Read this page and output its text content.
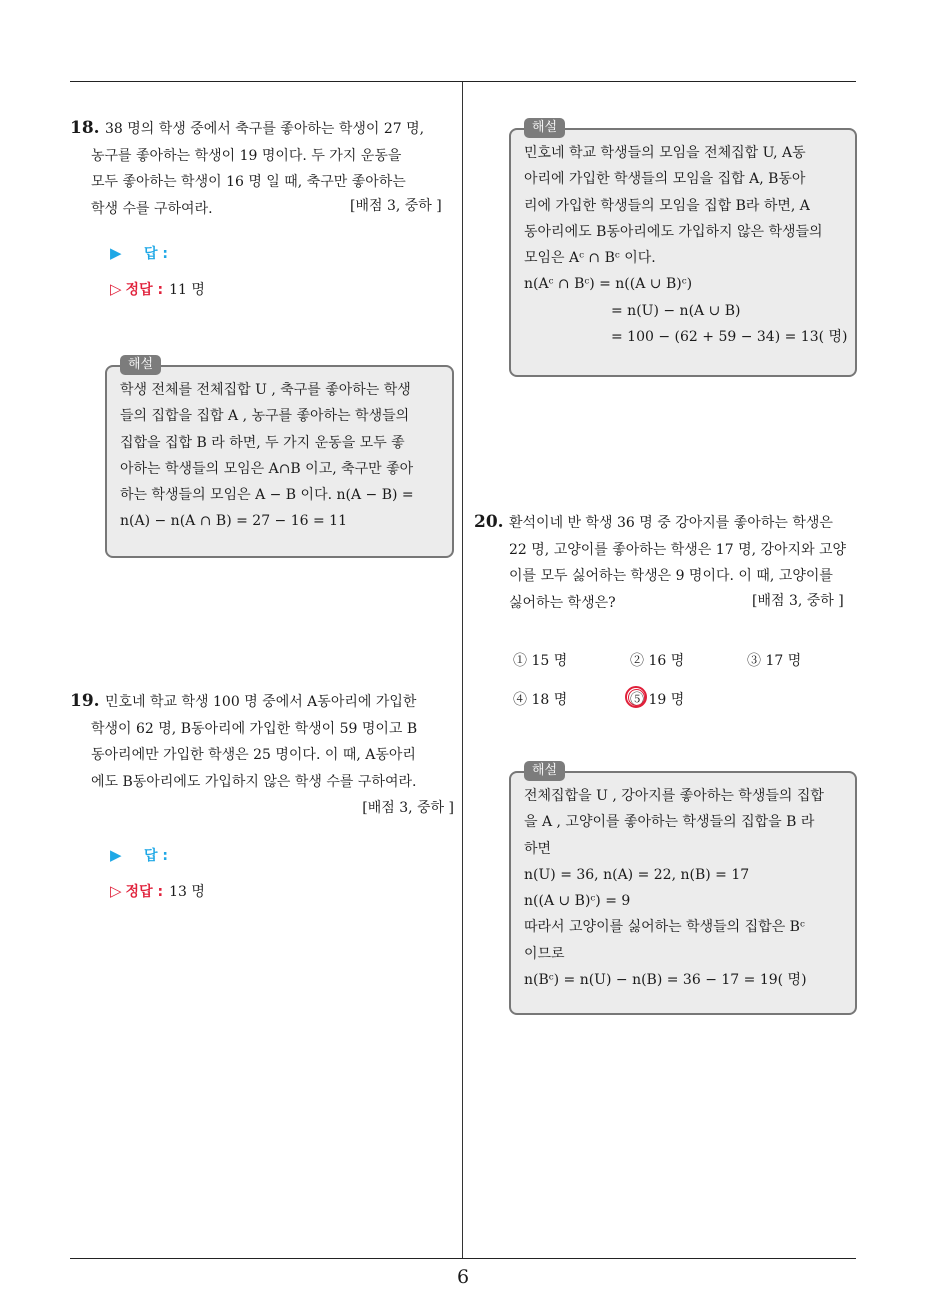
18. 38 명의 학생 중에서 축구를 좋아하는 학생이 27 명,
농구를 좋아하는 학생이 19 명이다. 두 가지 운동을
모두 좋아하는 학생이 16 명 일 때, 축구만 좋아하는
학생 수를 구하여라.	[배점 3, 중하 ]
▶ 답 :
▷ 정답 : 11 명
해설
학생 전체를 전체집합 U , 축구를 좋아하는 학생
들의 집합을 집합 A , 농구를 좋아하는 학생들의
집합을 집합 B 라 하면, 두 가지 운동을 모두 좋
아하는 학생들의 모임은 A∩B 이고, 축구만 좋아
하는 학생들의 모임은 A − B 이다. n(A − B) =
n(A) − n(A ∩ B) = 27 − 16 = 11
19. 민호네 학교 학생 100 명 중에서 A동아리에 가입한
학생이 62 명, B동아리에 가입한 학생이 59 명이고 B
동아리에만 가입한 학생은 25 명이다. 이 때, A동아리
에도 B동아리에도 가입하지 않은 학생 수를 구하여라.
[배점 3, 중하 ]
▶ 답 :
▷ 정답 : 13 명
해설
민호네 학교 학생들의 모임을 전체집합 U, A동
아리에 가입한 학생들의 모임을 집합 A, B동아
리에 가입한 학생들의 모임을 집합 B라 하면, A
동아리에도 B동아리에도 가입하지 않은 학생들의
모임은 Aᶜ ∩ Bᶜ 이다.
n(Aᶜ ∩ Bᶜ) = n((A ∪ B)ᶜ)
= n(U) − n(A ∪ B)
= 100 − (62 + 59 − 34) = 13( 명)
20. 환석이네 반 학생 36 명 중 강아지를 좋아하는 학생은
22 명, 고양이를 좋아하는 학생은 17 명, 강아지와 고양
이를 모두 싫어하는 학생은 9 명이다. 이 때, 고양이를
싫어하는 학생은?	[배점 3, 중하 ]
① 15 명	② 16 명	③ 17 명
④ 18 명	⑤ 19 명
해설
전체집합을 U , 강아지를 좋아하는 학생들의 집합
을 A , 고양이를 좋아하는 학생들의 집합을 B 라
하면
n(U) = 36, n(A) = 22, n(B) = 17
n((A ∪ B)ᶜ) = 9
따라서 고양이를 싫어하는 학생들의 집합은 Bᶜ
이므로
n(Bᶜ) = n(U) − n(B) = 36 − 17 = 19( 명)
6
